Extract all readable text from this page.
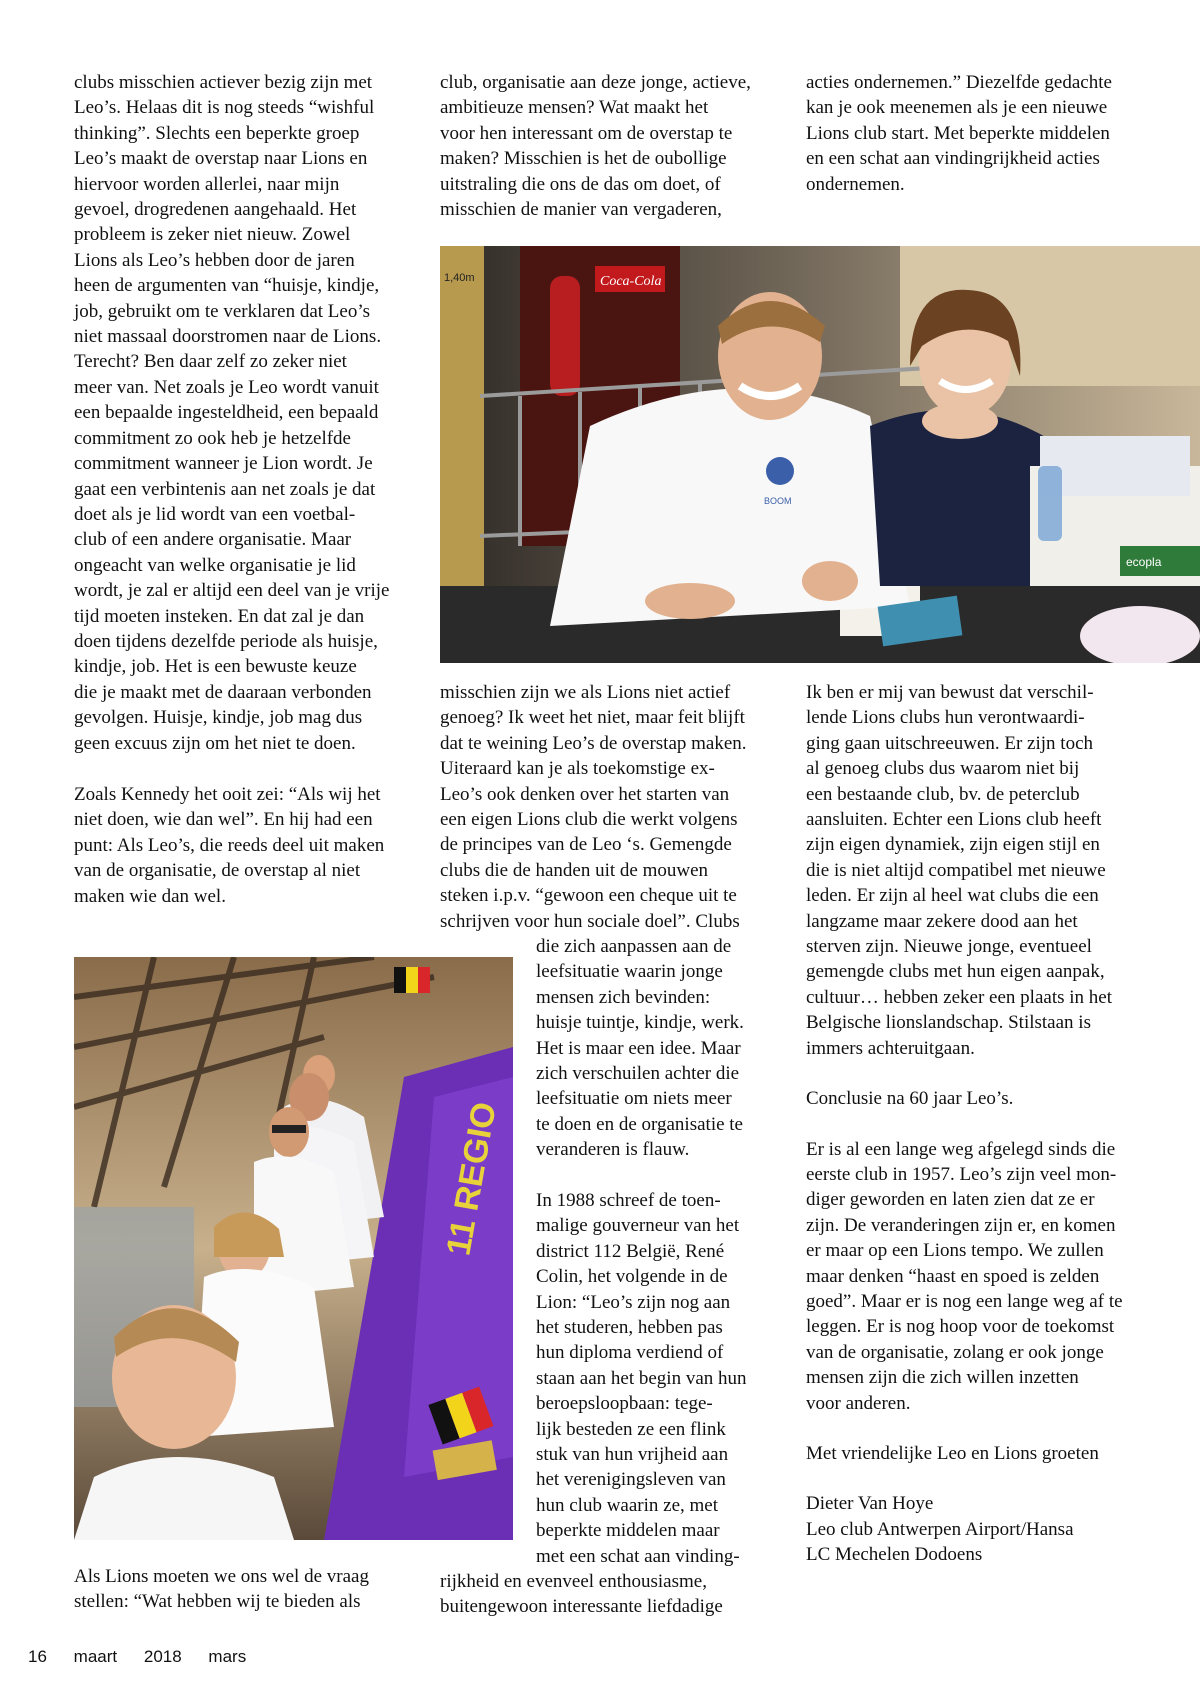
clubs misschien actiever bezig zijn met
Leo’s. Helaas dit is nog steeds “wishful
thinking”. Slechts een beperkte groep
Leo’s maakt de overstap naar Lions en
hiervoor worden allerlei, naar mijn
gevoel, drogredenen aangehaald. Het
probleem is zeker niet nieuw. Zowel
Lions als Leo’s hebben door de jaren
heen de argumenten van “huisje, kindje,
job, gebruikt om te verklaren dat Leo’s
niet massaal doorstromen naar de Lions.
Terecht? Ben daar zelf zo zeker niet
meer van. Net zoals je Leo wordt vanuit
een bepaalde ingesteldheid, een bepaald
commitment zo ook heb je hetzelfde
commitment wanneer je Lion wordt. Je
gaat een verbintenis aan net zoals je dat
doet als je lid wordt van een voetbal-
club of een andere organisatie. Maar
ongeacht van welke organisatie je lid
wordt, je zal er altijd een deel van je vrije
tijd moeten insteken. En dat zal je dan
doen tijdens dezelfde periode als huisje,
kindje, job. Het is een bewuste keuze
die je maakt met de daaraan verbonden
gevolgen. Huisje, kindje, job mag dus
geen excuus zijn om het niet te doen.
Zoals Kennedy het ooit zei: “Als wij het
niet doen, wie dan wel”. En hij had een
punt: Als Leo’s, die reeds deel uit maken
van de organisatie, de overstap al niet
maken wie dan wel.
11 REGIO
Als Lions moeten we ons wel de vraag
stellen: “Wat hebben wij te bieden als
club, organisatie aan deze jonge, actieve,
ambitieuze mensen? Wat maakt het
voor hen interessant om de overstap te
maken? Misschien is het de oubollige
uitstraling die ons de das om doet, of
misschien de manier van vergaderen,
1,40m	Coca-Cola
BOOM
ecopla
misschien zijn we als Lions niet actief
genoeg? Ik weet het niet, maar feit blijft
dat te weining Leo’s de overstap maken.
Uiteraard kan je als toekomstige ex-
Leo’s ook denken over het starten van
een eigen Lions club die werkt volgens
de principes van de Leo ‘s. Gemengde
clubs die de handen uit de mouwen
steken i.p.v. “gewoon een cheque uit te
schrijven voor hun sociale doel”. Clubs
die zich aanpassen aan de
leefsituatie waarin jonge
mensen zich bevinden:
huisje tuintje, kindje, werk.
Het is maar een idee. Maar
zich verschuilen achter die
leefsituatie om niets meer
te doen en de organisatie te
veranderen is flauw.
In 1988 schreef de toen-
malige gouverneur van het
district 112 België, René
Colin, het volgende in de
Lion: “Leo’s zijn nog aan
het studeren, hebben pas
hun diploma verdiend of
staan aan het begin van hun
beroepsloopbaan: tege-
lijk besteden ze een flink
stuk van hun vrijheid aan
het verenigingsleven van
hun club waarin ze, met
beperkte middelen maar
met een schat aan vinding-
rijkheid en evenveel enthousiasme,
buitengewoon interessante liefdadige
acties ondernemen.” Diezelfde gedachte
kan je ook meenemen als je een nieuwe
Lions club start. Met beperkte middelen
en een schat aan vindingrijkheid acties
ondernemen.

Ik ben er mij van bewust dat verschil-
lende Lions clubs hun verontwaardi-
ging gaan uitschreeuwen. Er zijn toch
al genoeg clubs dus waarom niet bij
een bestaande club, bv. de peterclub
aansluiten. Echter een Lions club heeft
zijn eigen dynamiek, zijn eigen stijl en
die is niet altijd compatibel met nieuwe
leden. Er zijn al heel wat clubs die een
langzame maar zekere dood aan het
sterven zijn. Nieuwe jonge, eventueel
gemengde clubs met hun eigen aanpak,
cultuur… hebben zeker een plaats in het
Belgische lionslandschap. Stilstaan is
immers achteruitgaan.

Conclusie na 60 jaar Leo’s.

Er is al een lange weg afgelegd sinds die
eerste club in 1957. Leo’s zijn veel mon-
diger geworden en laten zien dat ze er
zijn. De veranderingen zijn er, en komen
er maar op een Lions tempo. We zullen
maar denken “haast en spoed is zelden
goed”. Maar er is nog een lange weg af te
leggen. Er is nog hoop voor de toekomst
van de organisatie, zolang er ook jonge
mensen zijn die zich willen inzetten
voor anderen.

Met vriendelijke Leo en Lions groeten

Dieter Van Hoye
Leo club Antwerpen Airport/Hansa
LC Mechelen Dodoens

16 maart 2018 mars
